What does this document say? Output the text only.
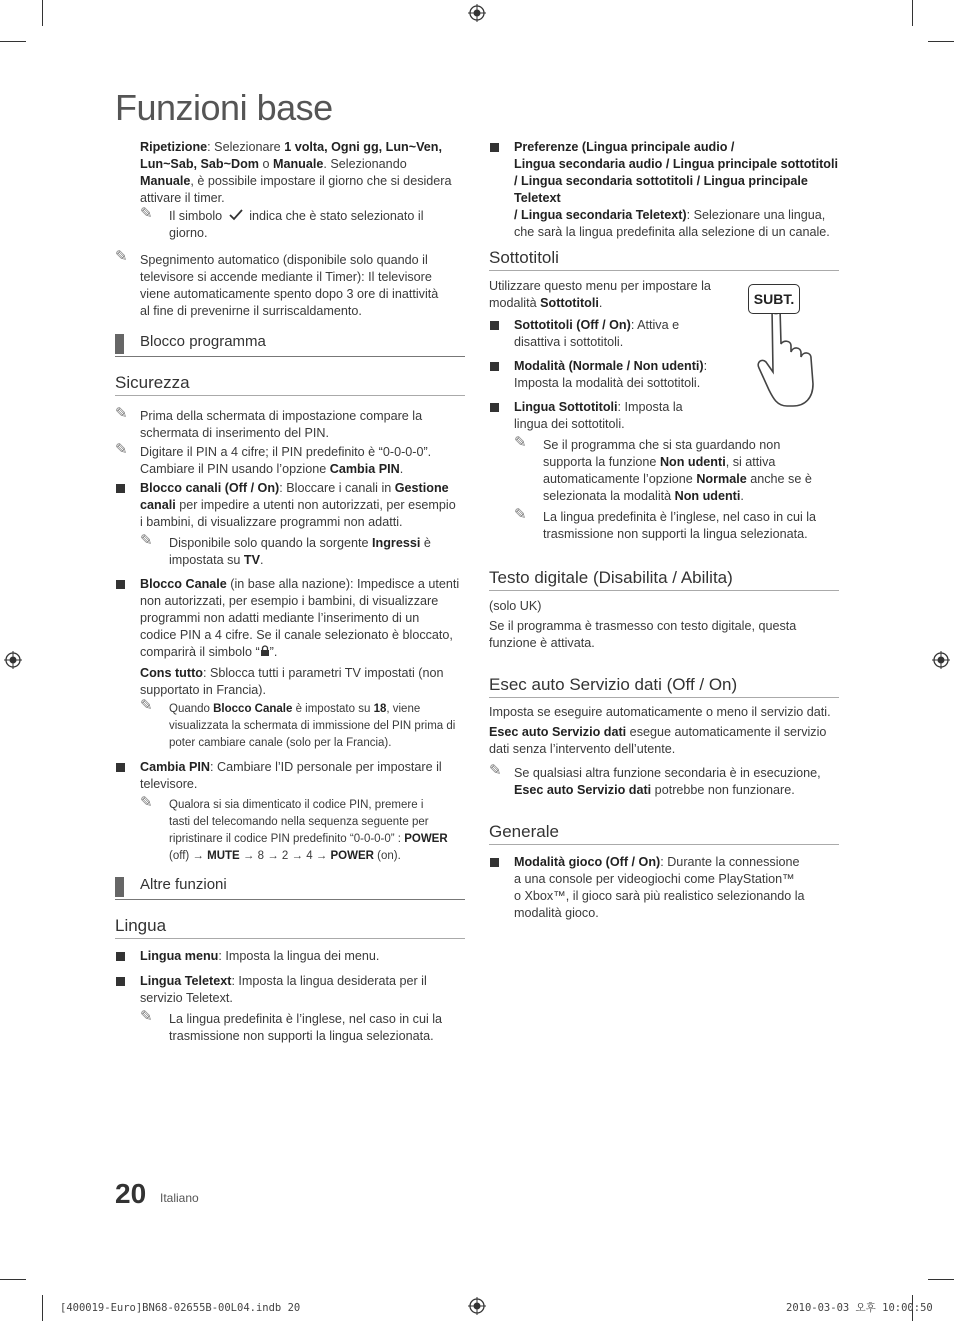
Funzioni base
Ripetizione: Selezionare 1 volta, Ogni gg, Lun~Ven,
Lun~Sab, Sab~Dom o Manuale. Selezionando
Manuale, è possibile impostare il giorno che si desidera
attivare il timer.
✎ Il simbolo indica che è stato selezionato il
giorno.
✎ Spegnimento automatico (disponibile solo quando il
televisore si accende mediante il Timer): Il televisore
viene automaticamente spento dopo 3 ore di inattività
al fine di prevenirne il surriscaldamento.
Blocco programma
Sicurezza
✎ Prima della schermata di impostazione compare la
schermata di inserimento del PIN.
✎ Digitare il PIN a 4 cifre; il PIN predefinito è “0-0-0-0”.
Cambiare il PIN usando l’opzione Cambia PIN.
Blocco canali (Off / On): Bloccare i canali in Gestione
canali per impedire a utenti non autorizzati, per esempio
i bambini, di visualizzare programmi non adatti.
✎ Disponibile solo quando la sorgente Ingressi è
impostata su TV.
Blocco Canale (in base alla nazione): Impedisce a utenti
non autorizzati, per esempio i bambini, di visualizzare
programmi non adatti mediante l’inserimento di un
codice PIN a 4 cifre. Se il canale selezionato è bloccato,
comparirà il simbolo “ ”.
Cons tutto: Sblocca tutti i parametri TV impostati (non
supportato in Francia).
✎ Quando Blocco Canale è impostato su 18, viene
visualizzata la schermata di immissione del PIN prima di
poter cambiare canale (solo per la Francia).
Cambia PIN: Cambiare l’ID personale per impostare il
televisore.
✎ Qualora si sia dimenticato il codice PIN, premere i
tasti del telecomando nella sequenza seguente per
ripristinare il codice PIN predefinito “0-0-0-0” : POWER
(off) → MUTE → 8 → 2 → 4 → POWER (on).
Altre funzioni
Lingua
Lingua menu: Imposta la lingua dei menu.
Lingua Teletext: Imposta la lingua desiderata per il
servizio Teletext.
✎ La lingua predefinita è l’inglese, nel caso in cui la
trasmissione non supporti la lingua selezionata.
Preferenze (Lingua principale audio /
Lingua secondaria audio / Lingua principale sottotitoli
/ Lingua secondaria sottotitoli / Lingua principale Teletext
/ Lingua secondaria Teletext): Selezionare una lingua,
che sarà la lingua predefinita alla selezione di un canale.
Sottotitoli
Utilizzare questo menu per impostare la
modalità Sottotitoli.	SUBT.
Sottotitoli (Off / On): Attiva e
disattiva i sottotitoli.
Modalità (Normale / Non udenti):
Imposta la modalità dei sottotitoli.
Lingua Sottotitoli: Imposta la
lingua dei sottotitoli.
✎ Se il programma che si sta guardando non
supporta la funzione Non udenti, si attiva
automaticamente l’opzione Normale anche se è
selezionata la modalità Non udenti.
✎ La lingua predefinita è l’inglese, nel caso in cui la
trasmissione non supporti la lingua selezionata.
Testo digitale (Disabilita / Abilita)
(solo UK)
Se il programma è trasmesso con testo digitale, questa
funzione è attivata.
Esec auto Servizio dati (Off / On)
Imposta se eseguire automaticamente o meno il servizio dati.
Esec auto Servizio dati esegue automaticamente il servizio
dati senza l’intervento dell’utente.
✎ Se qualsiasi altra funzione secondaria è in esecuzione,
Esec auto Servizio dati potrebbe non funzionare.
Generale
Modalità gioco (Off / On): Durante la connessione
a una console per videogiochi come PlayStation™
o Xbox™, il gioco sarà più realistico selezionando la
modalità gioco.
20 Italiano
[400019-Euro]BN68-02655B-00L04.indb 20	2010-03-03 오후 10:00:50
